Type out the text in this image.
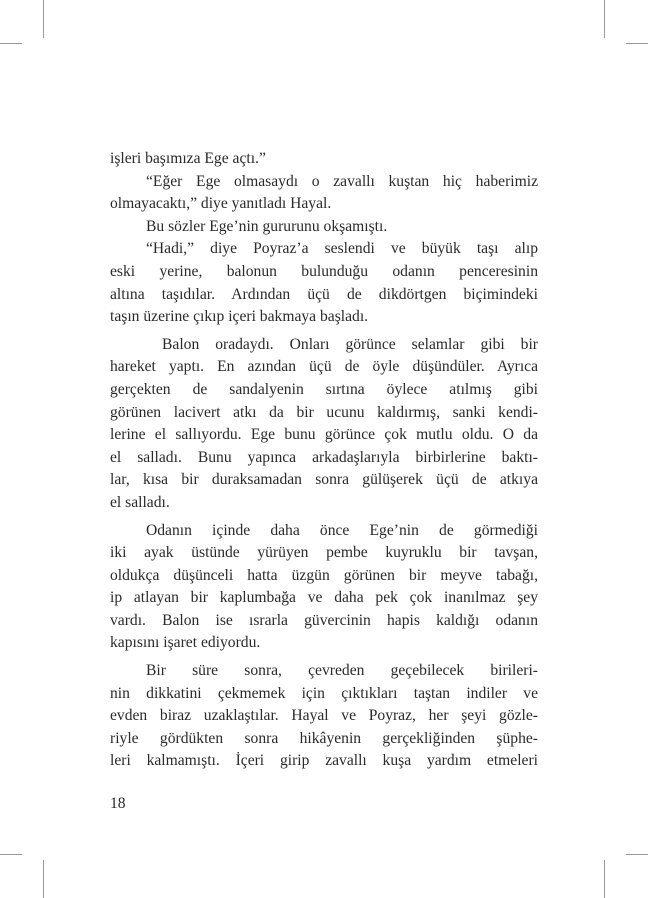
işleri başımıza Ege açtı.”
“Eğer Ege olmasaydı o zavallı kuştan hiç haberimiz
olmayacaktı,” diye yanıtladı Hayal.
Bu sözler Ege’nin gururunu okşamıştı.
“Hadi,” diye Poyraz’a seslendi ve büyük taşı alıp
eski yerine, balonun bulunduğu odanın penceresinin
altına taşıdılar. Ardından üçü de dikdörtgen biçimindeki
taşın üzerine çıkıp içeri bakmaya başladı.
Balon oradaydı. Onları görünce selamlar gibi bir
hareket yaptı. En azından üçü de öyle düşündüler. Ayrıca
gerçekten de sandalyenin sırtına öylece atılmış gibi
görünen lacivert atkı da bir ucunu kaldırmış, sanki kendi-
lerine el sallıyordu. Ege bunu görünce çok mutlu oldu. O da
el salladı. Bunu yapınca arkadaşlarıyla birbirlerine baktı-
lar, kısa bir duraksamadan sonra gülüşerek üçü de atkıya
el salladı.
Odanın içinde daha önce Ege’nin de görmediği
iki ayak üstünde yürüyen pembe kuyruklu bir tavşan,
oldukça düşünceli hatta üzgün görünen bir meyve tabağı,
ip atlayan bir kaplumbağa ve daha pek çok inanılmaz şey
vardı. Balon ise ısrarla güvercinin hapis kaldığı odanın
kapısını işaret ediyordu.
Bir süre sonra, çevreden geçebilecek birileri-
nin dikkatini çekmemek için çıktıkları taştan indiler ve
evden biraz uzaklaştılar. Hayal ve Poyraz, her şeyi gözle-
riyle gördükten sonra hikâyenin gerçekliğinden şüphe-
leri kalmamıştı. İçeri girip zavallı kuşa yardım etmeleri
18
